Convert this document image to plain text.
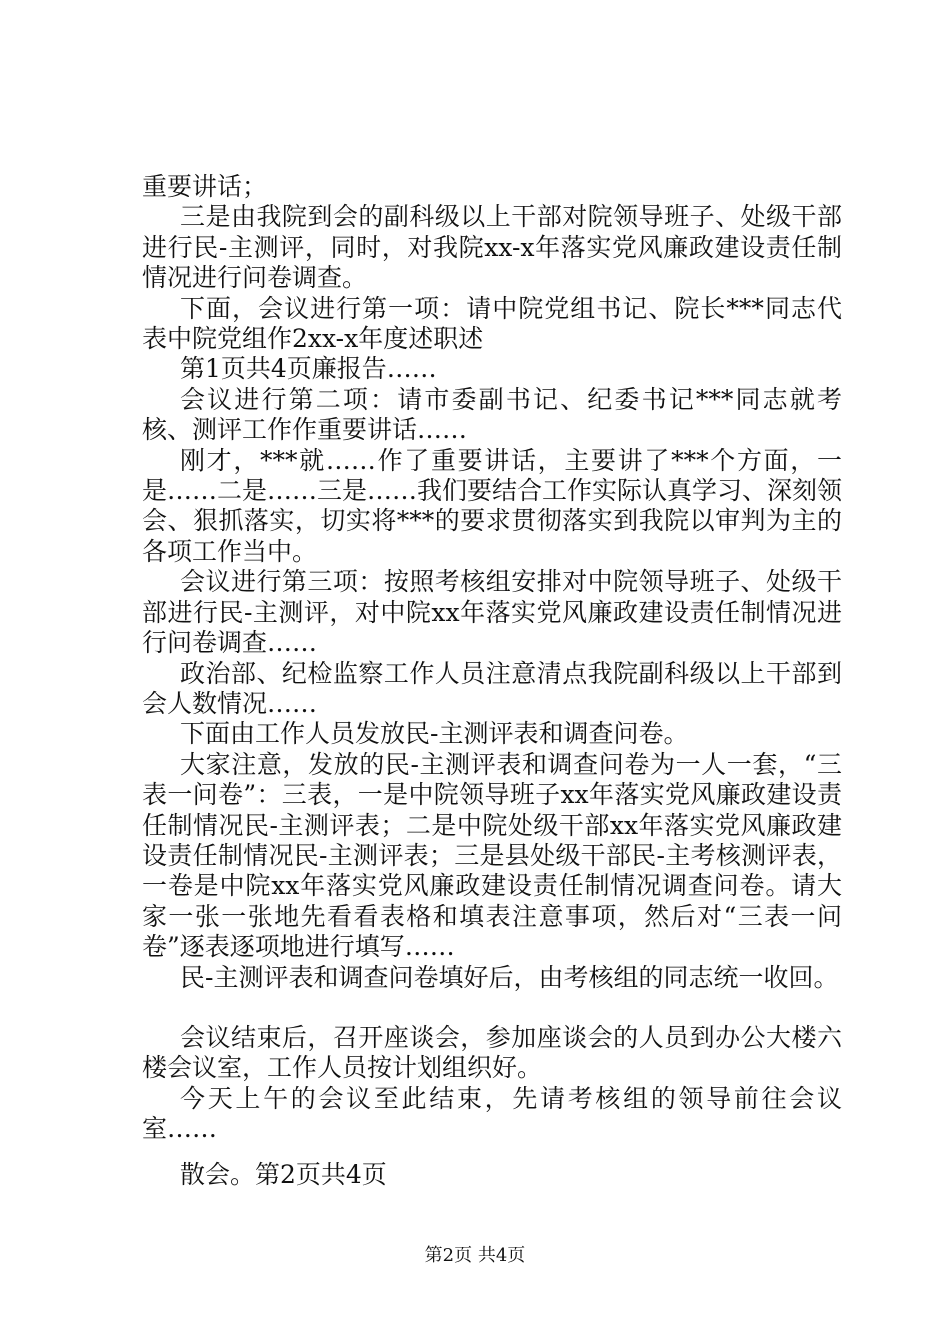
重要讲话；

三是由我院到会的副科级以上干部对院领导班子、处级干部进行民-主测评，同时，对我院xx-x年落实党风廉政建设责任制情况进行问卷调查。

下面，会议进行第一项：请中院党组书记、院长***同志代表中院党组作2xx-x年度述职述

第1页共4页廉报告……

会议进行第二项：请市委副书记、纪委书记***同志就考核、测评工作作重要讲话……

刚才，***就……作了重要讲话，主要讲了***个方面，一是……二是……三是……我们要结合工作实际认真学习、深刻领会、狠抓落实，切实将***的要求贯彻落实到我院以审判为主的各项工作当中。

会议进行第三项：按照考核组安排对中院领导班子、处级干部进行民-主测评，对中院xx年落实党风廉政建设责任制情况进行问卷调查……

政治部、纪检监察工作人员注意清点我院副科级以上干部到会人数情况……

下面由工作人员发放民-主测评表和调查问卷。

大家注意，发放的民-主测评表和调查问卷为一人一套，“三表一问卷”：三表，一是中院领导班子xx年落实党风廉政建设责任制情况民-主测评表；二是中院处级干部xx年落实党风廉政建设责任制情况民-主测评表；三是县处级干部民-主考核测评表，一卷是中院xx年落实党风廉政建设责任制情况调查问卷。请大家一张一张地先看看表格和填表注意事项，然后对“三表一问卷”逐表逐项地进行填写……

民-主测评表和调查问卷填好后，由考核组的同志统一收回。

会议结束后，召开座谈会，参加座谈会的人员到办公大楼六楼会议室，工作人员按计划组织好。

今天上午的会议至此结束，先请考核组的领导前往会议室……

散会。第2页共4页

第2页 共4页
